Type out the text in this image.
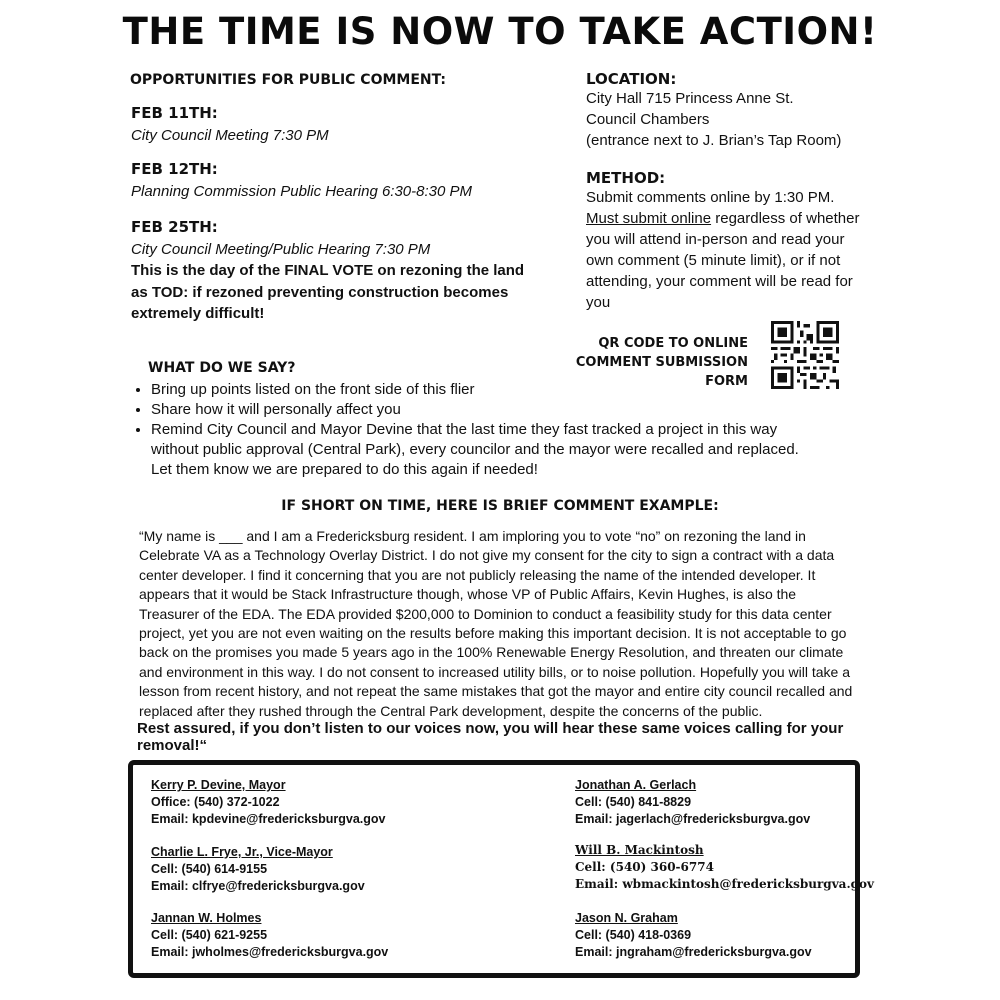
THE TIME IS NOW TO TAKE ACTION!
OPPORTUNITIES FOR PUBLIC COMMENT:
FEB 11TH:
City Council Meeting 7:30 PM
FEB 12TH:
Planning Commission Public Hearing 6:30-8:30 PM
FEB 25TH:
City Council Meeting/Public Hearing 7:30 PM
This is the day of the FINAL VOTE on rezoning the land as TOD: if rezoned preventing construction becomes extremely difficult!
LOCATION:
City Hall 715 Princess Anne St.
Council Chambers
(entrance next to J. Brian’s Tap Room)
METHOD:
Submit comments online by 1:30 PM.
Must submit online regardless of whether you will attend in-person and read your own comment (5 minute limit), or if not attending, your comment will be read for you
QR CODE TO ONLINE
COMMENT SUBMISSION
FORM
WHAT DO WE SAY?
• Bring up points listed on the front side of this flier
• Share how it will personally affect you
• Remind City Council and Mayor Devine that the last time they fast tracked a project in this way without public approval (Central Park), every councilor and the mayor were recalled and replaced. Let them know we are prepared to do this again if needed!
IF SHORT ON TIME, HERE IS BRIEF COMMENT EXAMPLE:
“My name is ___ and I am a Fredericksburg resident. I am imploring you to vote “no” on rezoning the land in Celebrate VA as a Technology Overlay District. I do not give my consent for the city to sign a contract with a data center developer. I find it concerning that you are not publicly releasing the name of the intended developer. It appears that it would be Stack Infrastructure though, whose VP of Public Affairs, Kevin Hughes, is also the Treasurer of the EDA. The EDA provided $200,000 to Dominion to conduct a feasibility study for this data center project, yet you are not even waiting on the results before making this important decision. It is not acceptable to go back on the promises you made 5 years ago in the 100% Renewable Energy Resolution, and threaten our climate and environment in this way. I do not consent to increased utility bills, or to noise pollution. Hopefully you will take a lesson from recent history, and not repeat the same mistakes that got the mayor and entire city council recalled and replaced after they rushed through the Central Park development, despite the concerns of the public.
Rest assured, if you don’t listen to our voices now, you will hear these same voices calling for your removal!“
Kerry P. Devine, Mayor
Office: (540) 372-1022
Email: kpdevine@fredericksburgva.gov
Charlie L. Frye, Jr., Vice-Mayor
Cell: (540) 614-9155
Email: clfrye@fredericksburgva.gov
Jannan W. Holmes
Cell: (540) 621-9255
Email: jwholmes@fredericksburgva.gov
Jonathan A. Gerlach
Cell: (540) 841-8829
Email: jagerlach@fredericksburgva.gov
Will B. Mackintosh
Cell: (540) 360-6774
Email: wbmackintosh@fredericksburgva.gov
Jason N. Graham
Cell: (540) 418-0369
Email: jngraham@fredericksburgva.gov
